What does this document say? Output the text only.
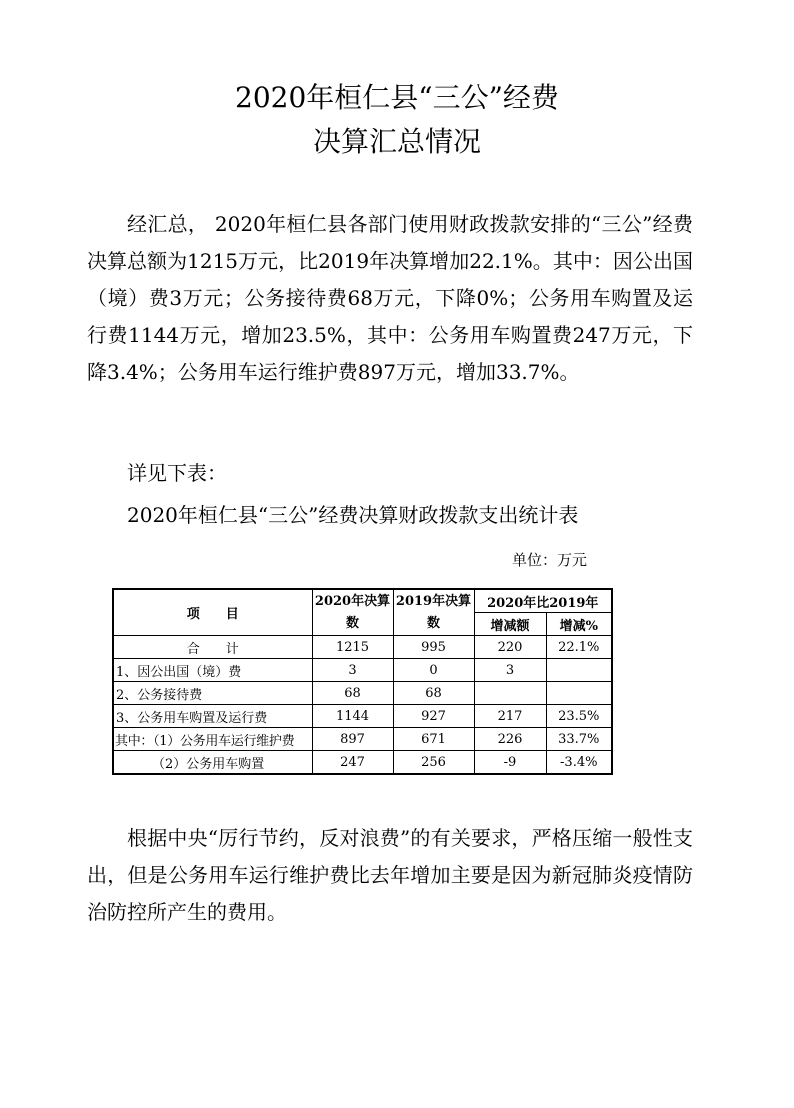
2020年桓仁县“三公”经费
决算汇总情况

经汇总， 2020年桓仁县各部门使用财政拨款安排的“三公”经费决算总额为1215万元，比2019年决算增加22.1%。其中：因公出国（境）费3万元；公务接待费68万元，下降0%；公务用车购置及运行费1144万元，增加23.5%，其中：公务用车购置费247万元，下降3.4%；公务用车运行维护费897万元，增加33.7%。

详见下表：

2020年桓仁县“三公”经费决算财政拨款支出统计表

单位：万元
项　　目	2020年决算数	2019年决算数	2020年比2019年	
			增减额	增减%
合　　计	1215	995	220	22.1%
1、因公出国（境）费	3	0	3	
2、公务接待费	68	68		
3、公务用车购置及运行费	1144	927	217	23.5%
其中：（1）公务用车运行维护费	897	671	226	33.7%
（2）公务用车购置	247	256	-9	-3.4%

根据中央“厉行节约，反对浪费”的有关要求，严格压缩一般性支出，但是公务用车运行维护费比去年增加主要是因为新冠肺炎疫情防治防控所产生的费用。
